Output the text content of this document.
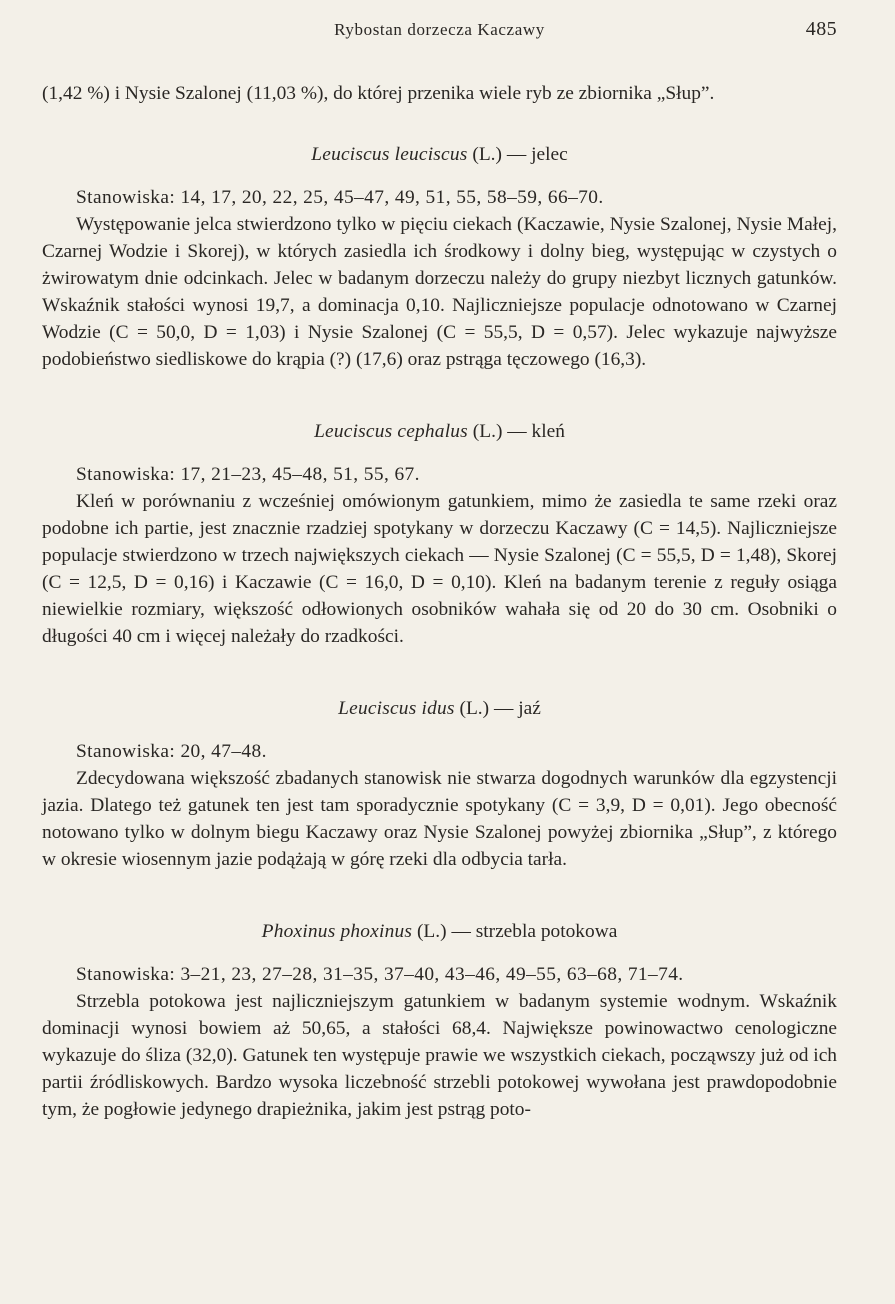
Rybostan dorzecza Kaczawy	485

(1,42 %) i Nysie Szalonej (11,03 %), do której przenika wiele ryb ze zbiornika „Słup”.

Leuciscus leuciscus (L.) — jelec

Stanowiska: 14, 17, 20, 22, 25, 45–47, 49, 51, 55, 58–59, 66–70.

Występowanie jelca stwierdzono tylko w pięciu ciekach (Kaczawie, Nysie Szalonej, Nysie Małej, Czarnej Wodzie i Skorej), w których zasiedla ich środkowy i dolny bieg, występując w czystych o żwirowatym dnie odcinkach. Jelec w badanym dorzeczu należy do grupy niezbyt licznych gatunków. Wskaźnik stałości wynosi 19,7, a dominacja 0,10. Najliczniejsze populacje odnotowano w Czarnej Wodzie (C = 50,0, D = 1,03) i Nysie Szalonej (C = 55,5, D = 0,57). Jelec wykazuje najwyższe podobieństwo siedliskowe do krąpia (?) (17,6) oraz pstrąga tęczowego (16,3).

Leuciscus cephalus (L.) — kleń

Stanowiska: 17, 21–23, 45–48, 51, 55, 67.

Kleń w porównaniu z wcześniej omówionym gatunkiem, mimo że zasiedla te same rzeki oraz podobne ich partie, jest znacznie rzadziej spotykany w dorzeczu Kaczawy (C = 14,5). Najliczniejsze populacje stwierdzono w trzech największych ciekach — Nysie Szalonej (C = 55,5, D = 1,48), Skorej (C = 12,5, D = 0,16) i Kaczawie (C = 16,0, D = 0,10). Kleń na badanym terenie z reguły osiąga niewielkie rozmiary, większość odłowionych osobników wahała się od 20 do 30 cm. Osobniki o długości 40 cm i więcej należały do rzadkości.

Leuciscus idus (L.) — jaź

Stanowiska: 20, 47–48.

Zdecydowana większość zbadanych stanowisk nie stwarza dogodnych warunków dla egzystencji jazia. Dlatego też gatunek ten jest tam sporadycznie spotykany (C = 3,9, D = 0,01). Jego obecność notowano tylko w dolnym biegu Kaczawy oraz Nysie Szalonej powyżej zbiornika „Słup”, z którego w okresie wiosennym jazie podążają w górę rzeki dla odbycia tarła.

Phoxinus phoxinus (L.) — strzebla potokowa

Stanowiska: 3–21, 23, 27–28, 31–35, 37–40, 43–46, 49–55, 63–68, 71–74.

Strzebla potokowa jest najliczniejszym gatunkiem w badanym systemie wodnym. Wskaźnik dominacji wynosi bowiem aż 50,65, a stałości 68,4. Największe powinowactwo cenologiczne wykazuje do śliza (32,0). Gatunek ten występuje prawie we wszystkich ciekach, począwszy już od ich partii źródliskowych. Bardzo wysoka liczebność strzebli potokowej wywołana jest prawdopodobnie tym, że pogłowie jedynego drapieżnika, jakim jest pstrąg poto-
